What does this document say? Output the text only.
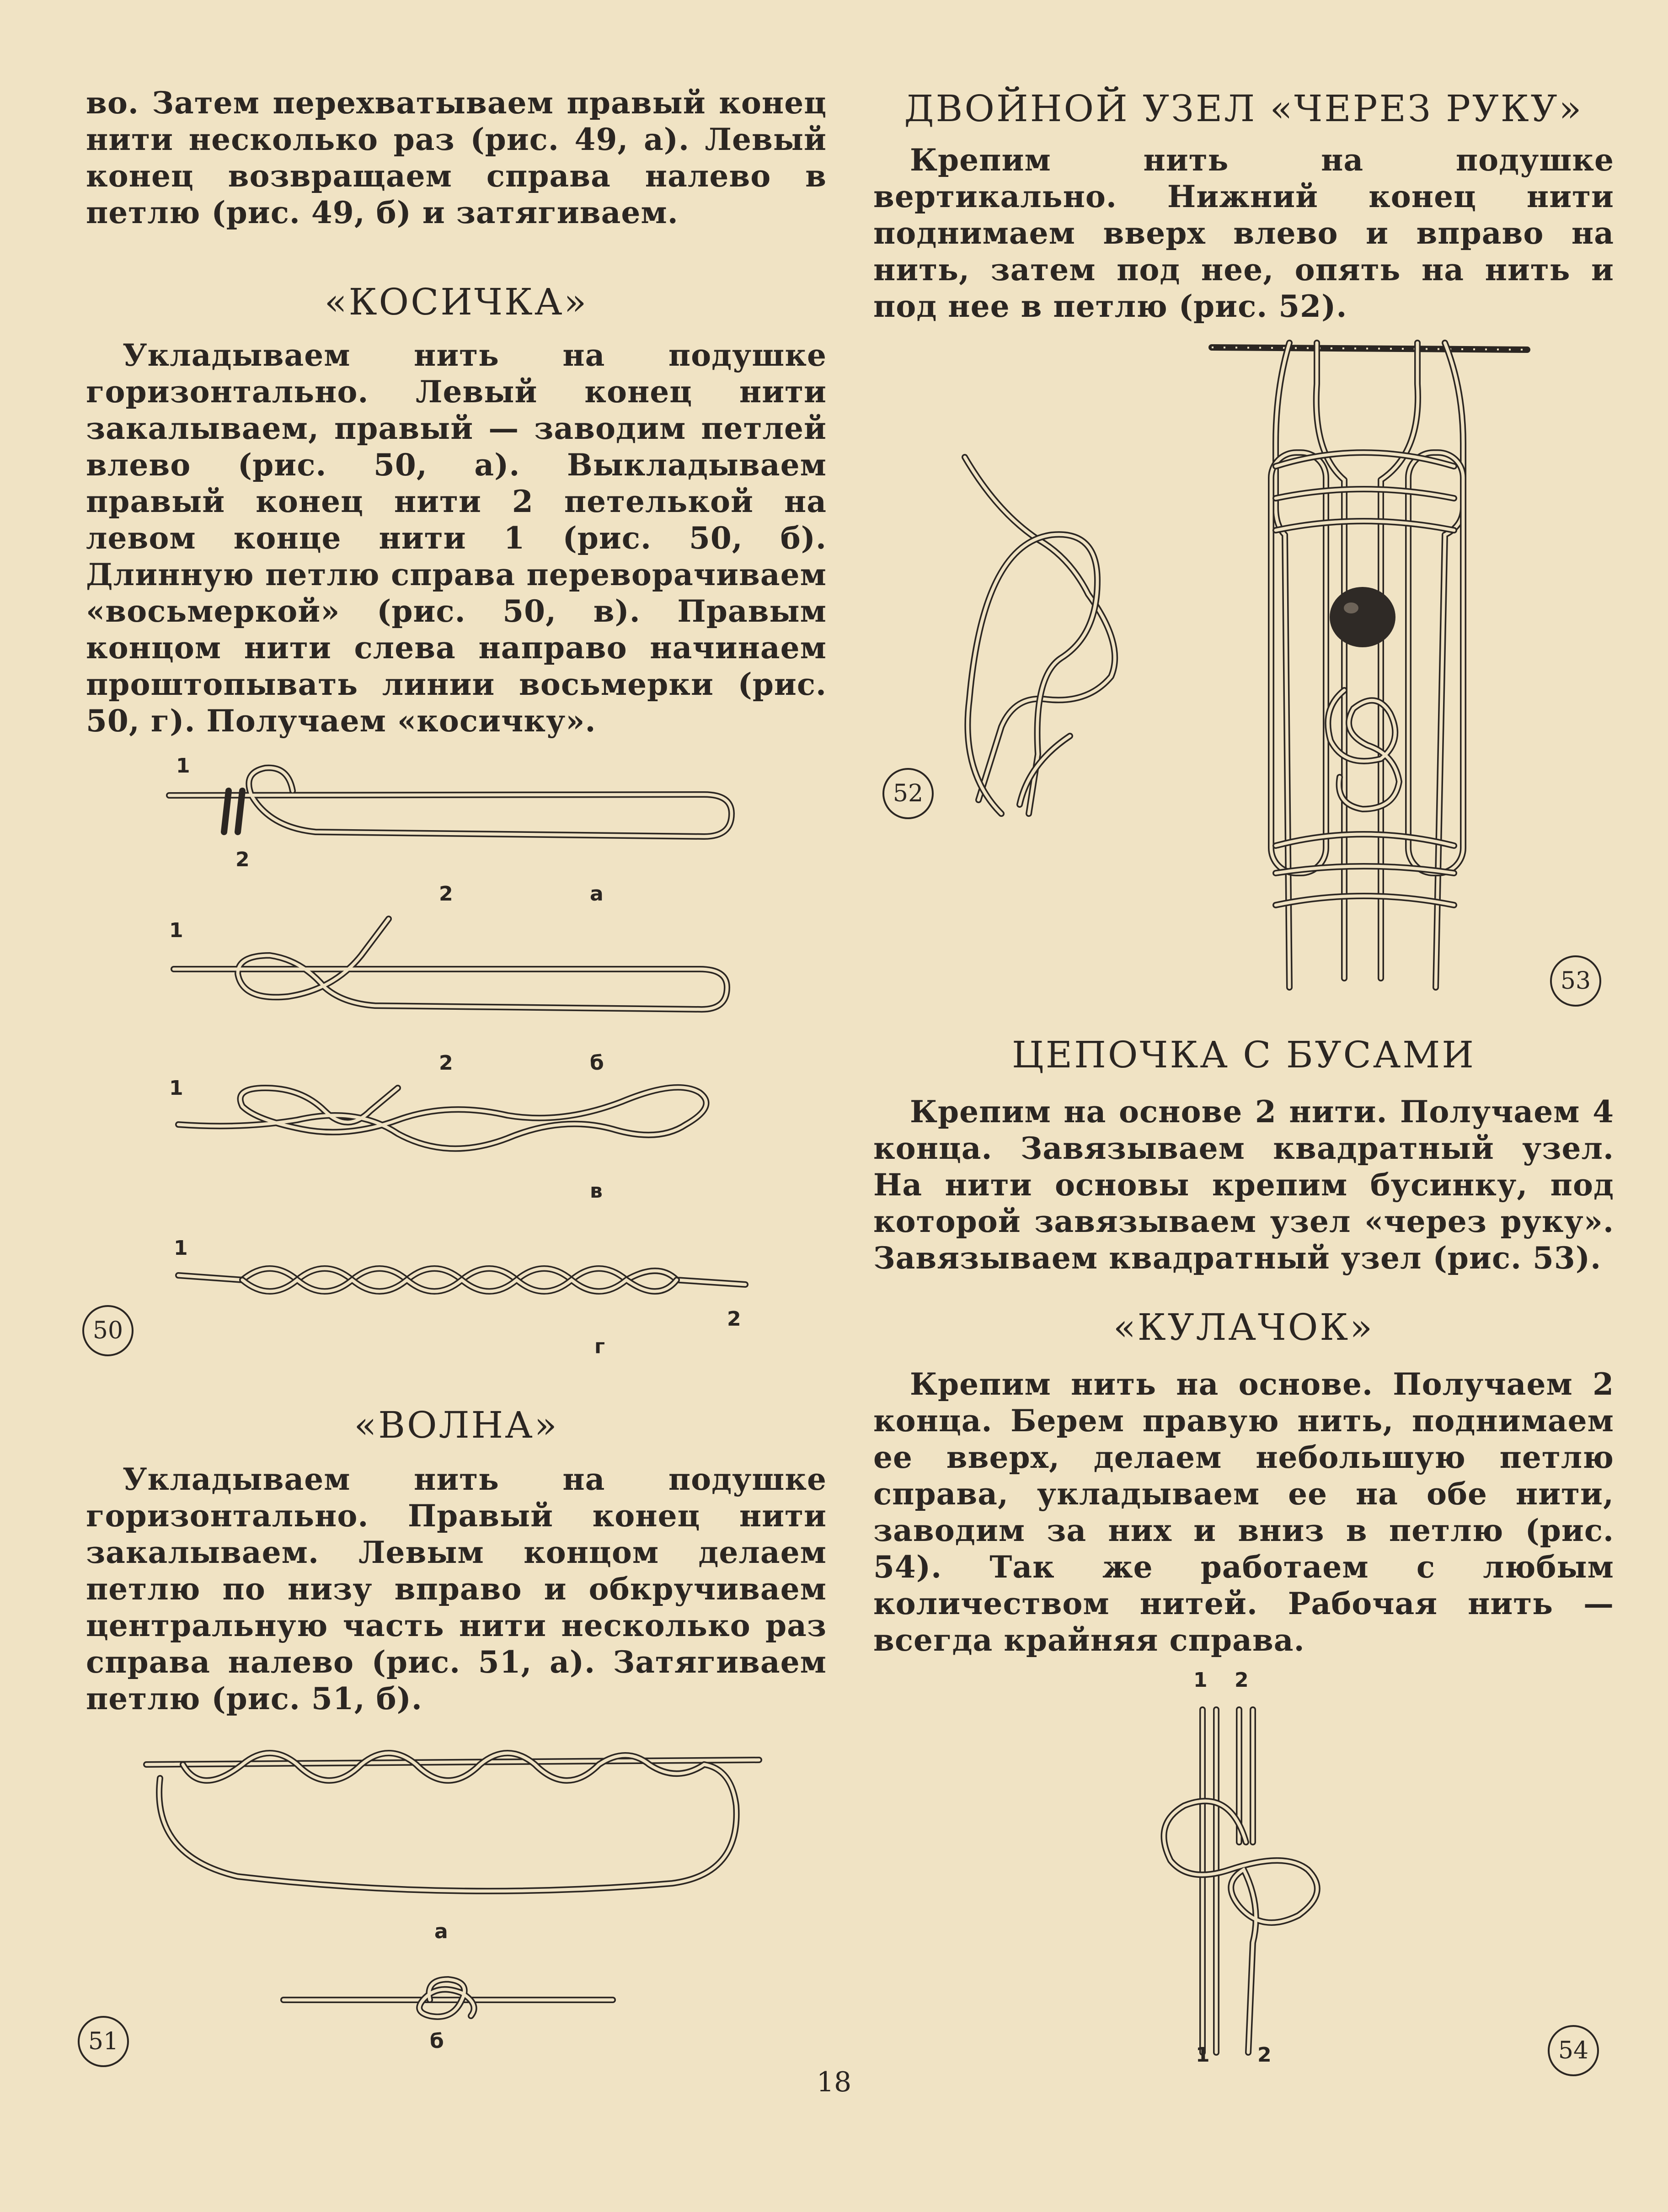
во. Затем перехватываем правый конец нити несколько раз (рис. 49, а). Левый конец возвращаем справа налево в петлю (рис. 49, б) и затягиваем.

«КОСИЧКА»

Укладываем нить на подушке горизонтально. Левый конец нити закалываем, правый — заводим петлей влево (рис. 50, а). Выкладываем правый конец нити 2 петелькой на левом конце нити 1 (рис. 50, б). Длинную петлю справа переворачиваем «восьмеркой» (рис. 50, в). Правым концом нити слева направо начинаем проштопывать линии восьмерки (рис. 50, г). Получаем «косичку».

1
2
2	а
1
2	б
1
в
1
2
г
50
«ВОЛНА»

Укладываем нить на подушке горизонтально. Правый конец нити закалываем. Левым концом делаем петлю по низу вправо и обкручиваем центральную часть нити несколько раз справа налево (рис. 51, а). Затягиваем петлю (рис. 51, б).

а
б
51
ДВОЙНОЙ УЗЕЛ «ЧЕРЕЗ РУКУ»

Крепим нить на подушке вертикально. Нижний конец нити поднимаем вверх влево и вправо на нить, затем под нее, опять на нить и под нее в петлю (рис. 52).

52
53
ЦЕПОЧКА С БУСАМИ

Крепим на основе 2 нити. Получаем 4 конца. Завязываем квадратный узел. На нити основы крепим бусинку, под которой завязываем узел «через руку». Завязываем квадратный узел (рис. 53).

«КУЛАЧОК»

Крепим нить на основе. Получаем 2 конца. Берем правую нить, поднимаем ее вверх, делаем небольшую петлю справа, укладываем ее на обе нити, заводим за них и вниз в петлю (рис. 54). Так же работаем с любым количеством нитей. Рабочая нить — всегда крайняя справа.

1 2
1 2	54
18
